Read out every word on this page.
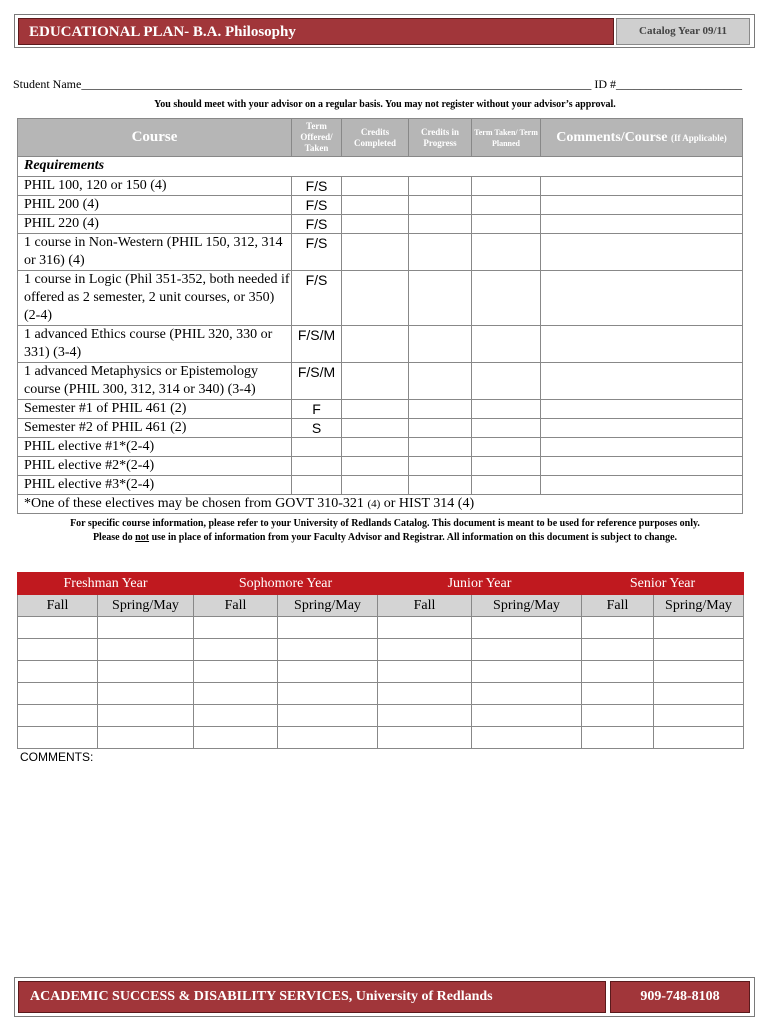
EDUCATIONAL PLAN- B.A. Philosophy	Catalog Year 09/11
Student Name_____________________________________________________________________________________ ID #_____________________
You should meet with your advisor on a regular basis. You may not register without your advisor’s approval.
Course	Term Offered/ Taken	Credits Completed	Credits in Progress	Term Taken/ Term Planned	Comments/Course (If Applicable)
Requirements					
PHIL 100, 120 or 150 (4)	F/S				
PHIL 200 (4)	F/S				
PHIL 220 (4)	F/S				
1 course in Non-Western (PHIL 150, 312, 314 or 316) (4)	F/S				
1 course in Logic (Phil 351-352, both needed if offered as 2 semester, 2 unit courses, or 350) (2-4)	F/S				
1 advanced Ethics course (PHIL 320, 330 or 331) (3-4)	F/S/M				
1 advanced Metaphysics or Epistemology course (PHIL 300, 312, 314 or 340) (3-4)	F/S/M				
Semester #1 of PHIL 461 (2)	F				
Semester #2 of PHIL 461 (2)	S				
PHIL elective #1*(2-4)					
PHIL elective #2*(2-4)					
PHIL elective #3*(2-4)					
*One of these electives may be chosen from GOVT 310-321 (4) or HIST 314 (4)					
For specific course information, please refer to your University of Redlands Catalog. This document is meant to be used for reference purposes only.
Please do not use in place of information from your Faculty Advisor and Registrar. All information on this document is subject to change.
Freshman Year		Sophomore Year		Junior Year		Senior Year	
Fall	Spring/May	Fall	Spring/May	Fall	Spring/May	Fall	Spring/May

COMMENTS:
ACADEMIC SUCCESS & DISABILITY SERVICES, University of Redlands	909-748-8108
